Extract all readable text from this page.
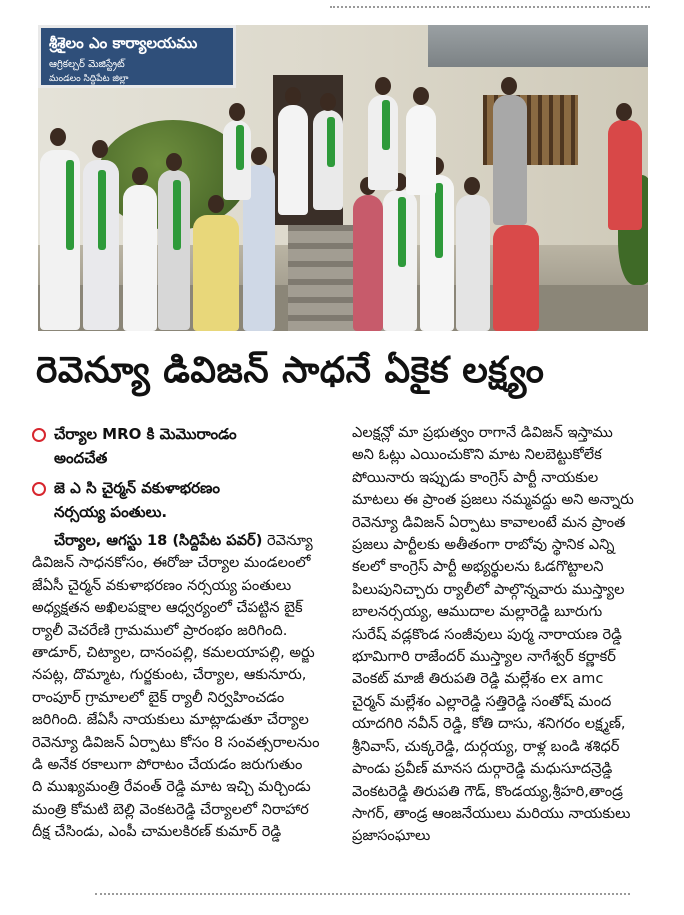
శ్రీశైలం ఎం కార్యాలయము
ఆగ్రికల్చర్ మెజిస్ట్రేట్
మండలం సిద్దిపేట జిల్లా
రెవెన్యూ డివిజన్ సాధనే ఏకైక లక్ష్యం
చేర్యాల MRO కి మెమొరాండం
అందచేత
జె ఎ సి చైర్మన్ వకుళాభరణం
నర్సయ్య పంతులు.
చేర్యాల, ఆగస్టు 18 (సిద్దిపేట పవర్) రెవెన్యూ
డివిజన్ సాధనకోసం, ఈరోజు చేర్యాల మండలంలో
జేఏసీ చైర్మన్ వకుళాభరణం నర్సయ్య పంతులు
అధ్యక్షతన అఖిలపక్షాల ఆధ్వర్యంలో చేపట్టిన బైక్
ర్యాలీ వెచరేణి గ్రామములో ప్రారంభం జరిగింది.
తాడూర్, చిట్యాల, దానంపల్లి, కమలయాపల్లి, అర్జు
నపట్ల, దొమ్మాట, గుర్జకుంట, చేర్యాల, ఆకునూరు,
రాంపూర్ గ్రామాలలో బైక్ ర్యాలీ నిర్వహించడం
జరిగింది. జేఏసీ నాయకులు మాట్లాడుతూ చేర్యాల
రెవెన్యూ డివిజన్ ఏర్పాటు కోసం 8 సంవత్సరాలనుం
డి అనేక రకాలుగా పోరాటం చేయడం జరుగుతుం
ది ముఖ్యమంత్రి రేవంత్ రెడ్డి మాట ఇచ్చి మర్చిండు
మంత్రి కోమటి బెల్లి వెంకటరెడ్డి చేర్యాలలో నిరాహార
దీక్ష చేసిండు, ఎంపీ చామలకిరణ్ కుమార్ రెడ్డి
ఎలక్షన్లో మా ప్రభుత్వం రాగానే డివిజన్ ఇస్తాము
అని ఓట్లు ఎయించుకొని మాట నిలబెట్టుకోలేక
పోయినారు ఇప్పుడు కాంగ్రెస్ పార్టీ నాయకుల
మాటలు ఈ ప్రాంత ప్రజలు నమ్మవద్దు అని అన్నారు
రెవెన్యూ డివిజన్ ఏర్పాటు కావాలంటే మన ప్రాంత
ప్రజలు పార్టీలకు అతీతంగా రాబోవు స్థానిక ఎన్ని
కలలో కాంగ్రెస్ పార్టీ అభ్యర్థులను ఓడగొట్టాలని
పిలుపునిచ్చారు ర్యాలీలో పాల్గొన్నవారు ముస్త్యాల
బాలనర్సయ్య, ఆముదాల మల్లారెడ్డి బూరుగు
సురేష్ వడ్లకొండ సంజీవులు పుర్మ నారాయణ రెడ్డి
భూమిగారి రాజేందర్ ముస్త్యాల నాగేశ్వర్ కర్ణాకర్
వెంకట్ మాజీ తిరుపతి రెడ్డి మల్లేశం ex amc
చైర్మన్ మల్లేశం ఎల్లారెడ్డి సత్తిరెడ్డి సంతోష్ మంద
యాదగిరి నవీన్ రెడ్డి, కోతి దాసు, శనిగరం లక్ష్మణ్,
శ్రీనివాస్, చుక్కరెడ్డి, దుర్గయ్య, రాళ్ల బండి శశిధర్
పాండు ప్రవీణ్ మానస దుర్గారెడ్డి మధుసూదన్రెడ్డి
వెంకటరెడ్డి తిరుపతి గౌడ్, కొండయ్య,శ్రీహరి,తాండ్ర
సాగర్, తాండ్ర ఆంజనేయులు మరియు నాయకులు
ప్రజాసంఘాలు
